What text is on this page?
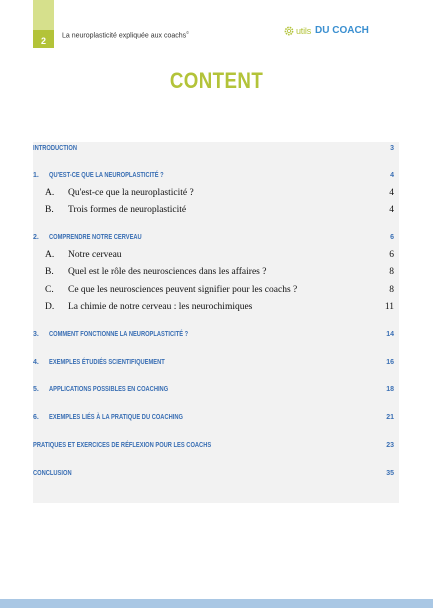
2
La neuroplasticité expliquée aux coachs©	utils DU COACH
CONTENT
INTRODUCTION	3
1. QU'EST-CE QUE LA NEUROPLASTICITÉ ?	4
A. Qu'est-ce que la neuroplasticité ?	4
B. Trois formes de neuroplasticité	4
2. COMPRENDRE NOTRE CERVEAU	6
A. Notre cerveau	6
B. Quel est le rôle des neurosciences dans les affaires ?	8
C. Ce que les neurosciences peuvent signifier pour les coachs ?	8
D. La chimie de notre cerveau : les neurochimiques	11
3. COMMENT FONCTIONNE LA NEUROPLASTICITÉ ?	14
4. EXEMPLES ÉTUDIÉS SCIENTIFIQUEMENT	16
5. APPLICATIONS POSSIBLES EN COACHING	18
6. EXEMPLES LIÉS À LA PRATIQUE DU COACHING	21
PRATIQUES ET EXERCICES DE RÉFLEXION POUR LES COACHS	23
CONCLUSION	35
